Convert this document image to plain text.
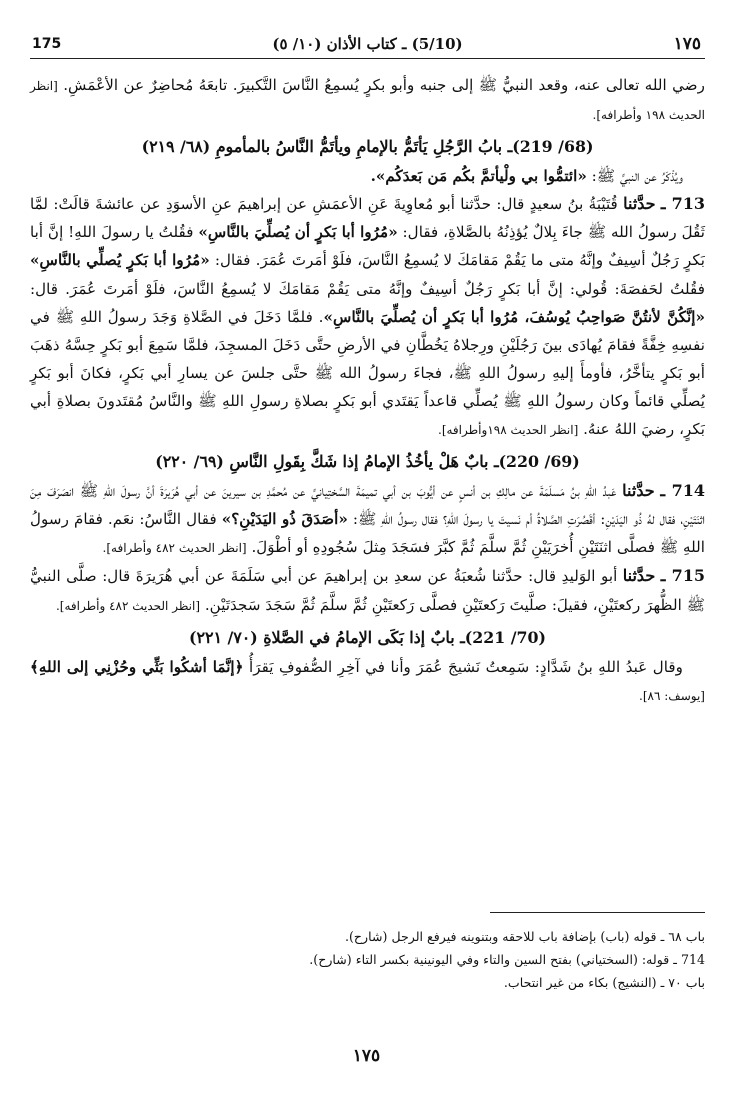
175	(5/10) ـ كتاب الأذان (١٠/ ٥)	١٧٥

رضي الله تعالى عنه، وقعد النبيُّ ﷺ إلى جنبه وأبو بكرٍ يُسمِعُ النَّاسَ التَّكبيرَ. تابعَهُ مُحاضِرٌ عن الأعْمَشِ. [انظر الحديث ١٩٨ وأطرافه].

(68/ 219)ـ بابُ الرَّجُلِ يَأتَمُّ بالإمامِ ويأتَمُّ النَّاسُ بالمأمومِ (٦٨/ ٢١٩)

ويُذْكَرُ عن النبيِّ ﷺ: «ائتمُّوا بي ولْيأتمَّ بكُم مَن بَعدَكُم».

713 ـ حدَّثنا قُتَيْبَةُ بنُ سعيدٍ قال: حدَّثنا أبو مُعاوِيةَ عَنِ الأعمَشِ عن إبراهيمَ عنِ الأسوَدِ عن عائشةَ قالَتْ: لمَّا ثَقُلَ رسولُ الله ﷺ جاءَ بِلالٌ يُؤذِنُهُ بالصَّلاةِ، فقال: «مُرُوا أبا بَكرٍ أن يُصلِّيَ بالنَّاسِ» فقُلتُ يا رسولَ اللهِ! إنَّ أبا بَكرٍ رَجُلٌ أسِيفٌ وإنَّهُ متى ما يَقُمْ مَقامَكَ لا يُسمِعُ النَّاسَ، فلَوْ أمَرتَ عُمَرَ. فقال: «مُرُوا أبا بَكرٍ يُصلِّي بالنَّاسِ» فقُلتُ لحَفصَةَ: قُولي: إنَّ أبا بَكرٍ رَجُلٌ أسِيفٌ وإنَّهُ متى يَقُمْ مَقامَكَ لا يُسمِعُ النَّاسَ، فلَوْ أمَرتَ عُمَرَ. قال: «إنَّكُنَّ لأنتُنَّ صَواحِبُ يُوسُفَ، مُرُوا أبا بَكرٍ أن يُصلِّيَ بالنَّاسِ». فلمَّا دَخَلَ في الصَّلاةِ وَجَدَ رسولُ اللهِ ﷺ في نفسِهِ خِفَّةً فقامَ يُهادَى بينَ رَجُلَيْنِ ورِجلاهُ يَخُطَّانِ في الأرضِ حتَّى دَخَلَ المسجِدَ، فلمَّا سَمِعَ أبو بَكرٍ حِسَّهُ ذهَبَ أبو بَكرٍ يتأخَّرُ، فأومأَ إليهِ رسولُ اللهِ ﷺ، فجاءَ رسولُ الله ﷺ حتَّى جلسَ عن يسارِ أبي بَكرٍ، فكانَ أبو بَكرٍ يُصلِّي قائماً وكان رسولُ اللهِ ﷺ يُصلِّي قاعداً يَقتَدي أبو بَكرٍ بصلاةِ رسولِ اللهِ ﷺ والنَّاسُ مُقتَدونَ بصلاةِ أبي بَكرٍ، رضيَ اللهُ عنهُ. [انظر الحديث ١٩٨وأطرافه].

(69/ 220)ـ بابٌ هَلْ يأخُذُ الإمامُ إذا شَكَّ بِقَولِ النَّاسِ (٦٩/ ٢٢٠)

714 ـ حدَّثنا عَبدُ اللهِ بنُ مَسلَمَةَ عن مالِكِ بن أنسٍ عن أيُّوبَ بن أبي تميمَةَ السَّختِيانيِّ عن مُحمَّدِ بن سيرينَ عن أبي هُرَيرَةَ أنَّ رسولَ اللهِ ﷺ انصَرَفَ مِنَ اثنَتَيْنِ، فقال لهُ ذُو اليَدَيْنِ: أقَصُرَتِ الصَّلاةُ أم نَسيتَ يا رسولَ اللهِ؟ فقال رسولُ اللهِ ﷺ: «أصَدَقَ ذُو اليَدَيْنِ؟» فقال النَّاسُ: نعَم. فقامَ رسولُ اللهِ ﷺ فصلَّى اثنَتَيْنِ أُخرَيَيْنِ ثُمَّ سلَّمَ ثُمَّ كبَّرَ فسَجَدَ مِثلَ سُجُودِهِ أو أطْوَلَ. [انظر الحديث ٤٨٢ وأطرافه].

715 ـ حدَّثنا أبو الوَليدِ قال: حدَّثنا شُعبَةُ عن سعدِ بن إبراهيمَ عن أبي سَلَمَةَ عن أبي هُرَيرَةَ قال: صلَّى النبيُّ ﷺ الظُّهرَ ركعتَيْنِ، فقيلَ: صلَّيتَ رَكعتَيْنِ فصلَّى رَكعتَيْنِ ثُمَّ سلَّمَ ثُمَّ سَجَدَ سَجدَتَيْنِ. [انظر الحديث ٤٨٢ وأطرافه].

(70/ 221)ـ بابٌ إذا بَكَى الإمامُ في الصَّلاةِ (٧٠/ ٢٢١)

وقال عَبدُ اللهِ بنُ شَدَّادٍ: سَمِعتُ نَشيجَ عُمَرَ وأنا في آخِرِ الصُّفوفِ يَقرَأُ ﴿إنَّمَا أشكُوا بَثِّي وحُزْنِي إلى اللهِ﴾ [يوسف: ٨٦].

باب ٦٨ ـ قوله (باب) بإضافة باب للاحقه وبتنوينه فيرفع الرجل (شارح).

714 ـ قوله: (السختياني) بفتح السين والتاء وفي اليونينية بكسر التاء (شارح).

باب ٧٠ ـ (النشيج) بكاء من غير انتحاب.

١٧٥
